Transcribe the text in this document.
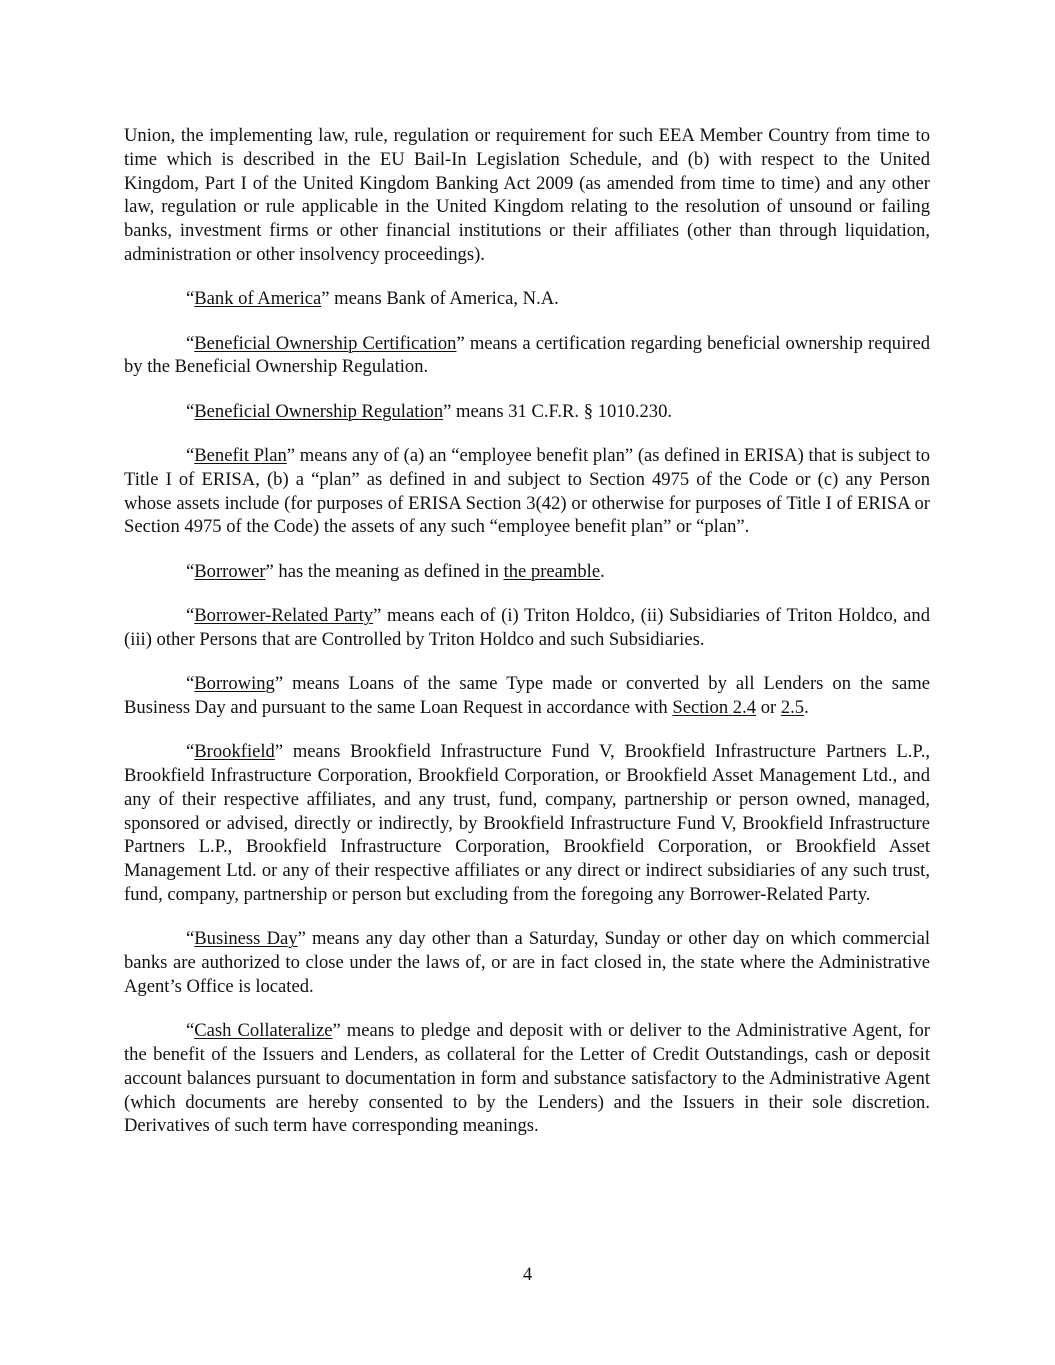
Union, the implementing law, rule, regulation or requirement for such EEA Member Country from time to time which is described in the EU Bail-In Legislation Schedule, and (b) with respect to the United Kingdom, Part I of the United Kingdom Banking Act 2009 (as amended from time to time) and any other law, regulation or rule applicable in the United Kingdom relating to the resolution of unsound or failing banks, investment firms or other financial institutions or their affiliates (other than through liquidation, administration or other insolvency proceedings).

“Bank of America” means Bank of America, N.A.

“Beneficial Ownership Certification” means a certification regarding beneficial ownership required by the Beneficial Ownership Regulation.

“Beneficial Ownership Regulation” means 31 C.F.R. § 1010.230.

“Benefit Plan” means any of (a) an “employee benefit plan” (as defined in ERISA) that is subject to Title I of ERISA, (b) a “plan” as defined in and subject to Section 4975 of the Code or (c) any Person whose assets include (for purposes of ERISA Section 3(42) or otherwise for purposes of Title I of ERISA or Section 4975 of the Code) the assets of any such “employee benefit plan” or “plan”.

“Borrower” has the meaning as defined in the preamble.

“Borrower-Related Party” means each of (i) Triton Holdco, (ii) Subsidiaries of Triton Holdco, and (iii) other Persons that are Controlled by Triton Holdco and such Subsidiaries.

“Borrowing” means Loans of the same Type made or converted by all Lenders on the same Business Day and pursuant to the same Loan Request in accordance with Section 2.4 or 2.5.

“Brookfield” means Brookfield Infrastructure Fund V, Brookfield Infrastructure Partners L.P., Brookfield Infrastructure Corporation, Brookfield Corporation, or Brookfield Asset Management Ltd., and any of their respective affiliates, and any trust, fund, company, partnership or person owned, managed, sponsored or advised, directly or indirectly, by Brookfield Infrastructure Fund V, Brookfield Infrastructure Partners L.P., Brookfield Infrastructure Corporation, Brookfield Corporation, or Brookfield Asset Management Ltd. or any of their respective affiliates or any direct or indirect subsidiaries of any such trust, fund, company, partnership or person but excluding from the foregoing any Borrower-Related Party.

“Business Day” means any day other than a Saturday, Sunday or other day on which commercial banks are authorized to close under the laws of, or are in fact closed in, the state where the Administrative Agent’s Office is located.

“Cash Collateralize” means to pledge and deposit with or deliver to the Administrative Agent, for the benefit of the Issuers and Lenders, as collateral for the Letter of Credit Outstandings, cash or deposit account balances pursuant to documentation in form and substance satisfactory to the Administrative Agent (which documents are hereby consented to by the Lenders) and the Issuers in their sole discretion. Derivatives of such term have corresponding meanings.

4
